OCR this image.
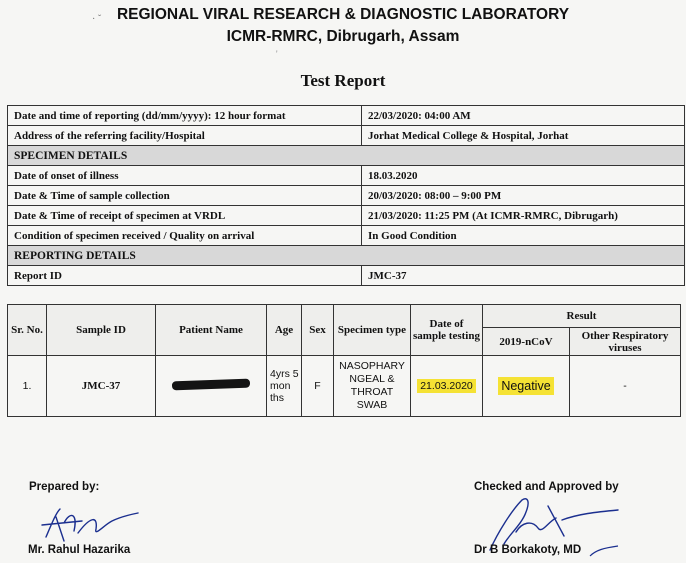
· ˇ
'
REGIONAL VIRAL RESEARCH & DIAGNOSTIC LABORATORY
ICMR-RMRC, Dibrugarh, Assam
Test Report
Date and time of reporting (dd/mm/yyyy): 12 hour format	22/03/2020: 04:00 AM
Address of the referring facility/Hospital	Jorhat Medical College & Hospital, Jorhat
SPECIMEN DETAILS	
Date of onset of illness	18.03.2020
Date & Time of sample collection	20/03/2020: 08:00 – 9:00 PM
Date & Time of receipt of specimen at VRDL	21/03/2020: 11:25 PM (At ICMR-RMRC, Dibrugarh)
Condition of specimen received / Quality on arrival	In Good Condition
REPORTING DETAILS	
Report ID	JMC-37
Sr. No.	Sample ID	Patient Name	Age	Sex	Specimen type	Date of sample testing	Result	
							2019-nCoV	Other Respiratory viruses
1.	JMC-37		4yrs 5 mon ths	F	NASOPHARY NGEAL & THROAT SWAB	21.03.2020	Negative	-
Prepared by:	Checked and Approved by
Mr. Rahul Hazarika	Dr B Borkakoty, MD
